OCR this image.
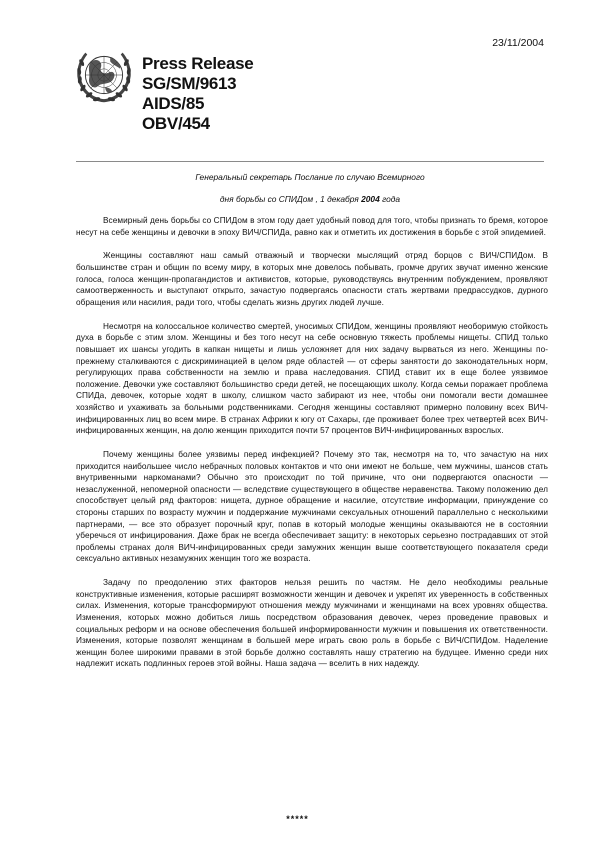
23/11/2004
Press Release
SG/SM/9613
AIDS/85
OBV/454
Генеральный секретарь Послание по случаю Всемирного
дня борьбы со СПИДом , 1 декабря 2004 года

Всемирный день борьбы со СПИДом в этом году дает удобный повод для того, чтобы признать то бремя, которое несут на себе женщины и девочки в эпоху ВИЧ/СПИДа, равно как и отметить их достижения в борьбе с этой эпидемией.

Женщины составляют наш самый отважный и творчески мыслящий отряд борцов с ВИЧ/СПИДом. В большинстве стран и общин по всему миру, в которых мне довелось побывать, громче других звучат именно женские голоса, голоса женщин-пропагандистов и активистов, которые, руководствуясь внутренним побуждением, проявляют самоотверженность и выступают открыто, зачастую подвергаясь опасности стать жертвами предрассудков, дурного обращения или насилия, ради того, чтобы сделать жизнь других людей лучше.

Несмотря на колоссальное количество смертей, уносимых СПИДом, женщины проявляют необоримую стойкость духа в борьбе с этим злом. Женщины и без того несут на себе основную тяжесть проблемы нищеты. СПИД только повышает их шансы угодить в капкан нищеты и лишь усложняет для них задачу вырваться из него. Женщины по-прежнему сталкиваются с дискриминацией в целом ряде областей — от сферы занятости до законодательных норм, регулирующих права собственности на землю и права наследования. СПИД ставит их в еще более уязвимое положение. Девочки уже составляют большинство среди детей, не посещающих школу. Когда семьи поражает проблема СПИДа, девочек, которые ходят в школу, слишком часто забирают из нее, чтобы они помогали вести домашнее хозяйство и ухаживать за больными родственниками. Сегодня женщины составляют примерно половину всех ВИЧ-инфицированных лиц во всем мире. В странах Африки к югу от Сахары, где проживает более трех четвертей всех ВИЧ-инфицированных женщин, на долю женщин приходится почти 57 процентов ВИЧ-инфицированных взрослых.

Почему женщины более уязвимы перед инфекцией? Почему это так, несмотря на то, что зачастую на них приходится наибольшее число небрачных половых контактов и что они имеют не больше, чем мужчины, шансов стать внутривенными наркоманами? Обычно это происходит по той причине, что они подвергаются опасности — незаслуженной, непомерной опасности — вследствие существующего в обществе неравенства. Такому положению дел способствует целый ряд факторов: нищета, дурное обращение и насилие, отсутствие информации, принуждение со стороны старших по возрасту мужчин и поддержание мужчинами сексуальных отношений параллельно с несколькими партнерами, — все это образует порочный круг, попав в который молодые женщины оказываются не в состоянии уберечься от инфицирования. Даже брак не всегда обеспечивает защиту: в некоторых серьезно пострадавших от этой проблемы странах доля ВИЧ-инфицированных среди замужних женщин выше соответствующего показателя среди сексуально активных незамужних женщин того же возраста.

Задачу по преодолению этих факторов нельзя решить по частям. Не дело необходимы реальные конструктивные изменения, которые расширят возможности женщин и девочек и укрепят их уверенность в собственных силах. Изменения, которые трансформируют отношения между мужчинами и женщинами на всех уровнях общества. Изменения, которых можно добиться лишь посредством образования девочек, через проведение правовых и социальных реформ и на основе обеспечения большей информированности мужчин и повышения их ответственности. Изменения, которые позволят женщинам в большей мере играть свою роль в борьбе с ВИЧ/СПИДом. Наделение женщин более широкими правами в этой борьбе должно составлять нашу стратегию на будущее. Именно среди них надлежит искать подлинных героев этой войны. Наша задача — вселить в них надежду.

*****
